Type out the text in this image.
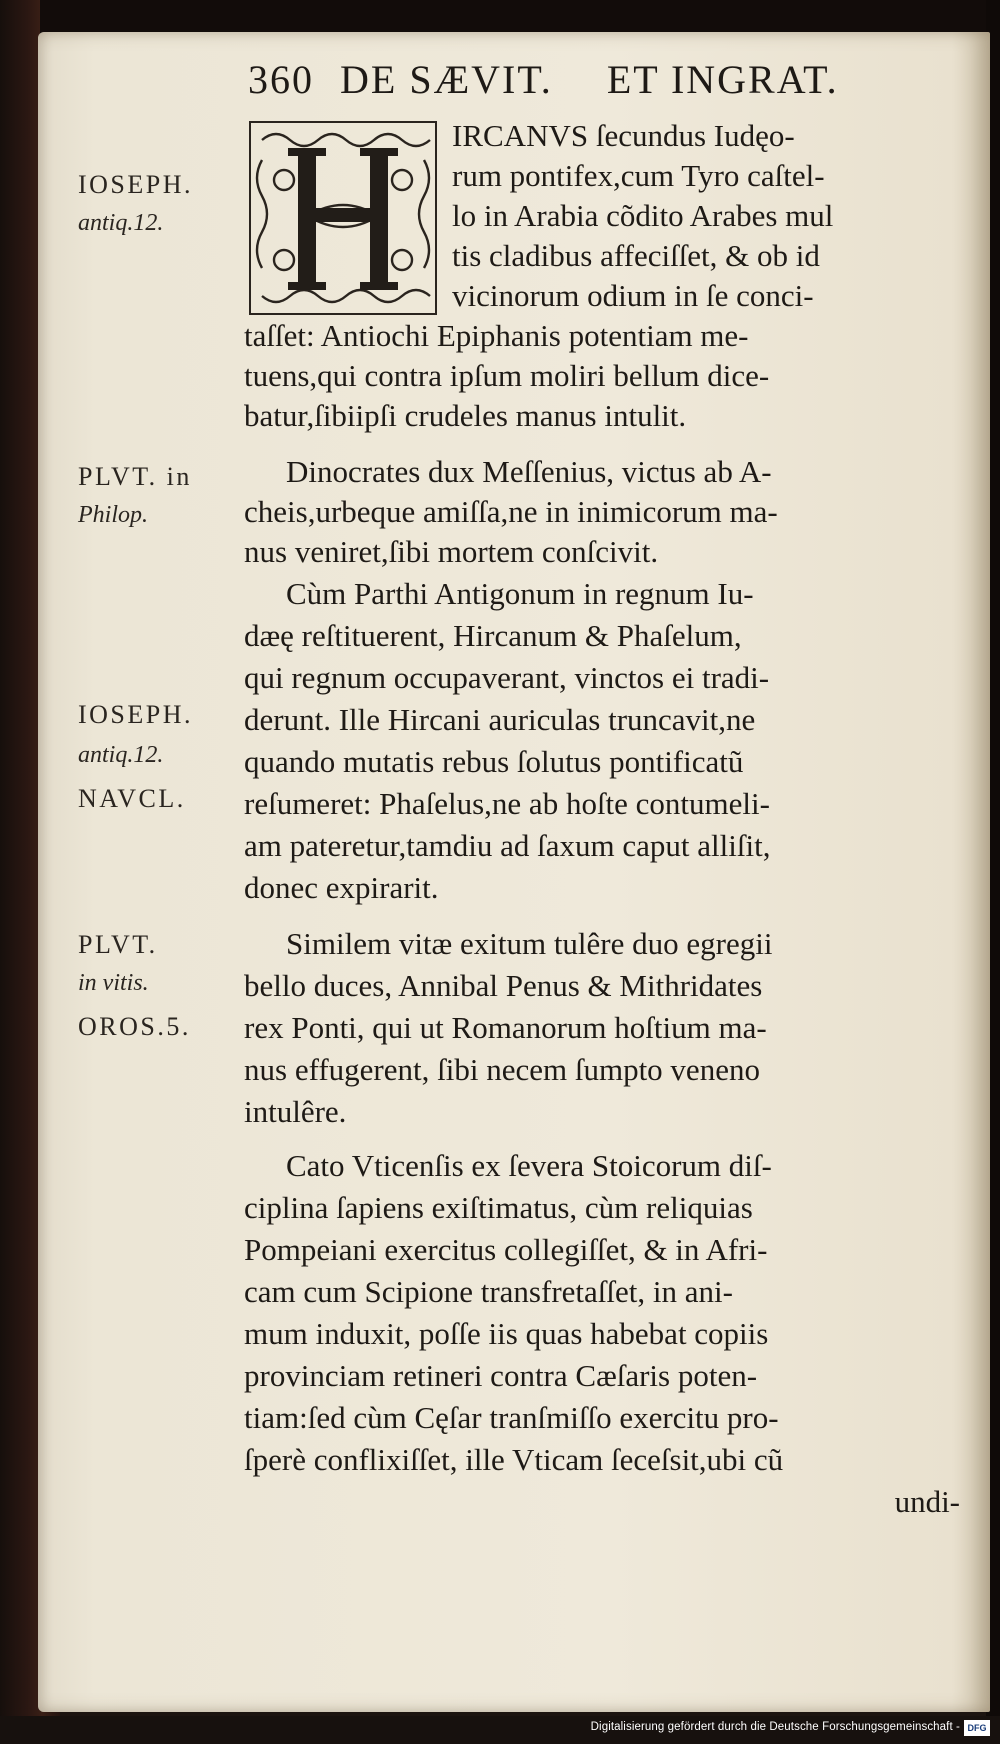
360 DE SÆVIT. ET INGRAT.
IOSEPH.
antiq.12.
PLVT. in
Philop.
IOSEPH.
antiq.12.
NAVCL.
PLVT.
in vitis.
OROS.5.
IRCANVS ſecundus Iudęo-
rum pontifex,cum Tyro caſtel-
lo in Arabia cõdito Arabes mul
tis cladibus affeciſſet, & ob id
vicinorum odium in ſe conci-
taſſet: Antiochi Epiphanis potentiam me-
tuens,qui contra ipſum moliri bellum dice-
batur,ſibiipſi crudeles manus intulit.
Dinocrates dux Meſſenius, victus ab A-
cheis,urbeque amiſſa,ne in inimicorum ma-
nus veniret,ſibi mortem conſcivit.
Cùm Parthi Antigonum in regnum Iu-
dæę reſtituerent, Hircanum & Phaſelum,
qui regnum occupaverant, vinctos ei tradi-
derunt. Ille Hircani auriculas truncavit,ne
quando mutatis rebus ſolutus pontificatũ
reſumeret: Phaſelus,ne ab hoſte contumeli-
am pateretur,tamdiu ad ſaxum caput alliſit,
donec expirarit.
Similem vitæ exitum tulêre duo egregii
bello duces, Annibal Penus & Mithridates
rex Ponti, qui ut Romanorum hoſtium ma-
nus effugerent, ſibi necem ſumpto veneno
intulêre.
Cato Vticenſis ex ſevera Stoicorum diſ-
ciplina ſapiens exiſtimatus, cùm reliquias
Pompeiani exercitus collegiſſet, & in Afri-
cam cum Scipione transfretaſſet, in ani-
mum induxit, poſſe iis quas habebat copiis
provinciam retineri contra Cæſaris poten-
tiam:ſed cùm Cęſar tranſmiſſo exercitu pro-
ſperè conflixiſſet, ille Vticam ſeceſsit,ubi cũ
undi-
Digitalisierung gefördert durch die Deutsche Forschungsgemeinschaft - DFG
